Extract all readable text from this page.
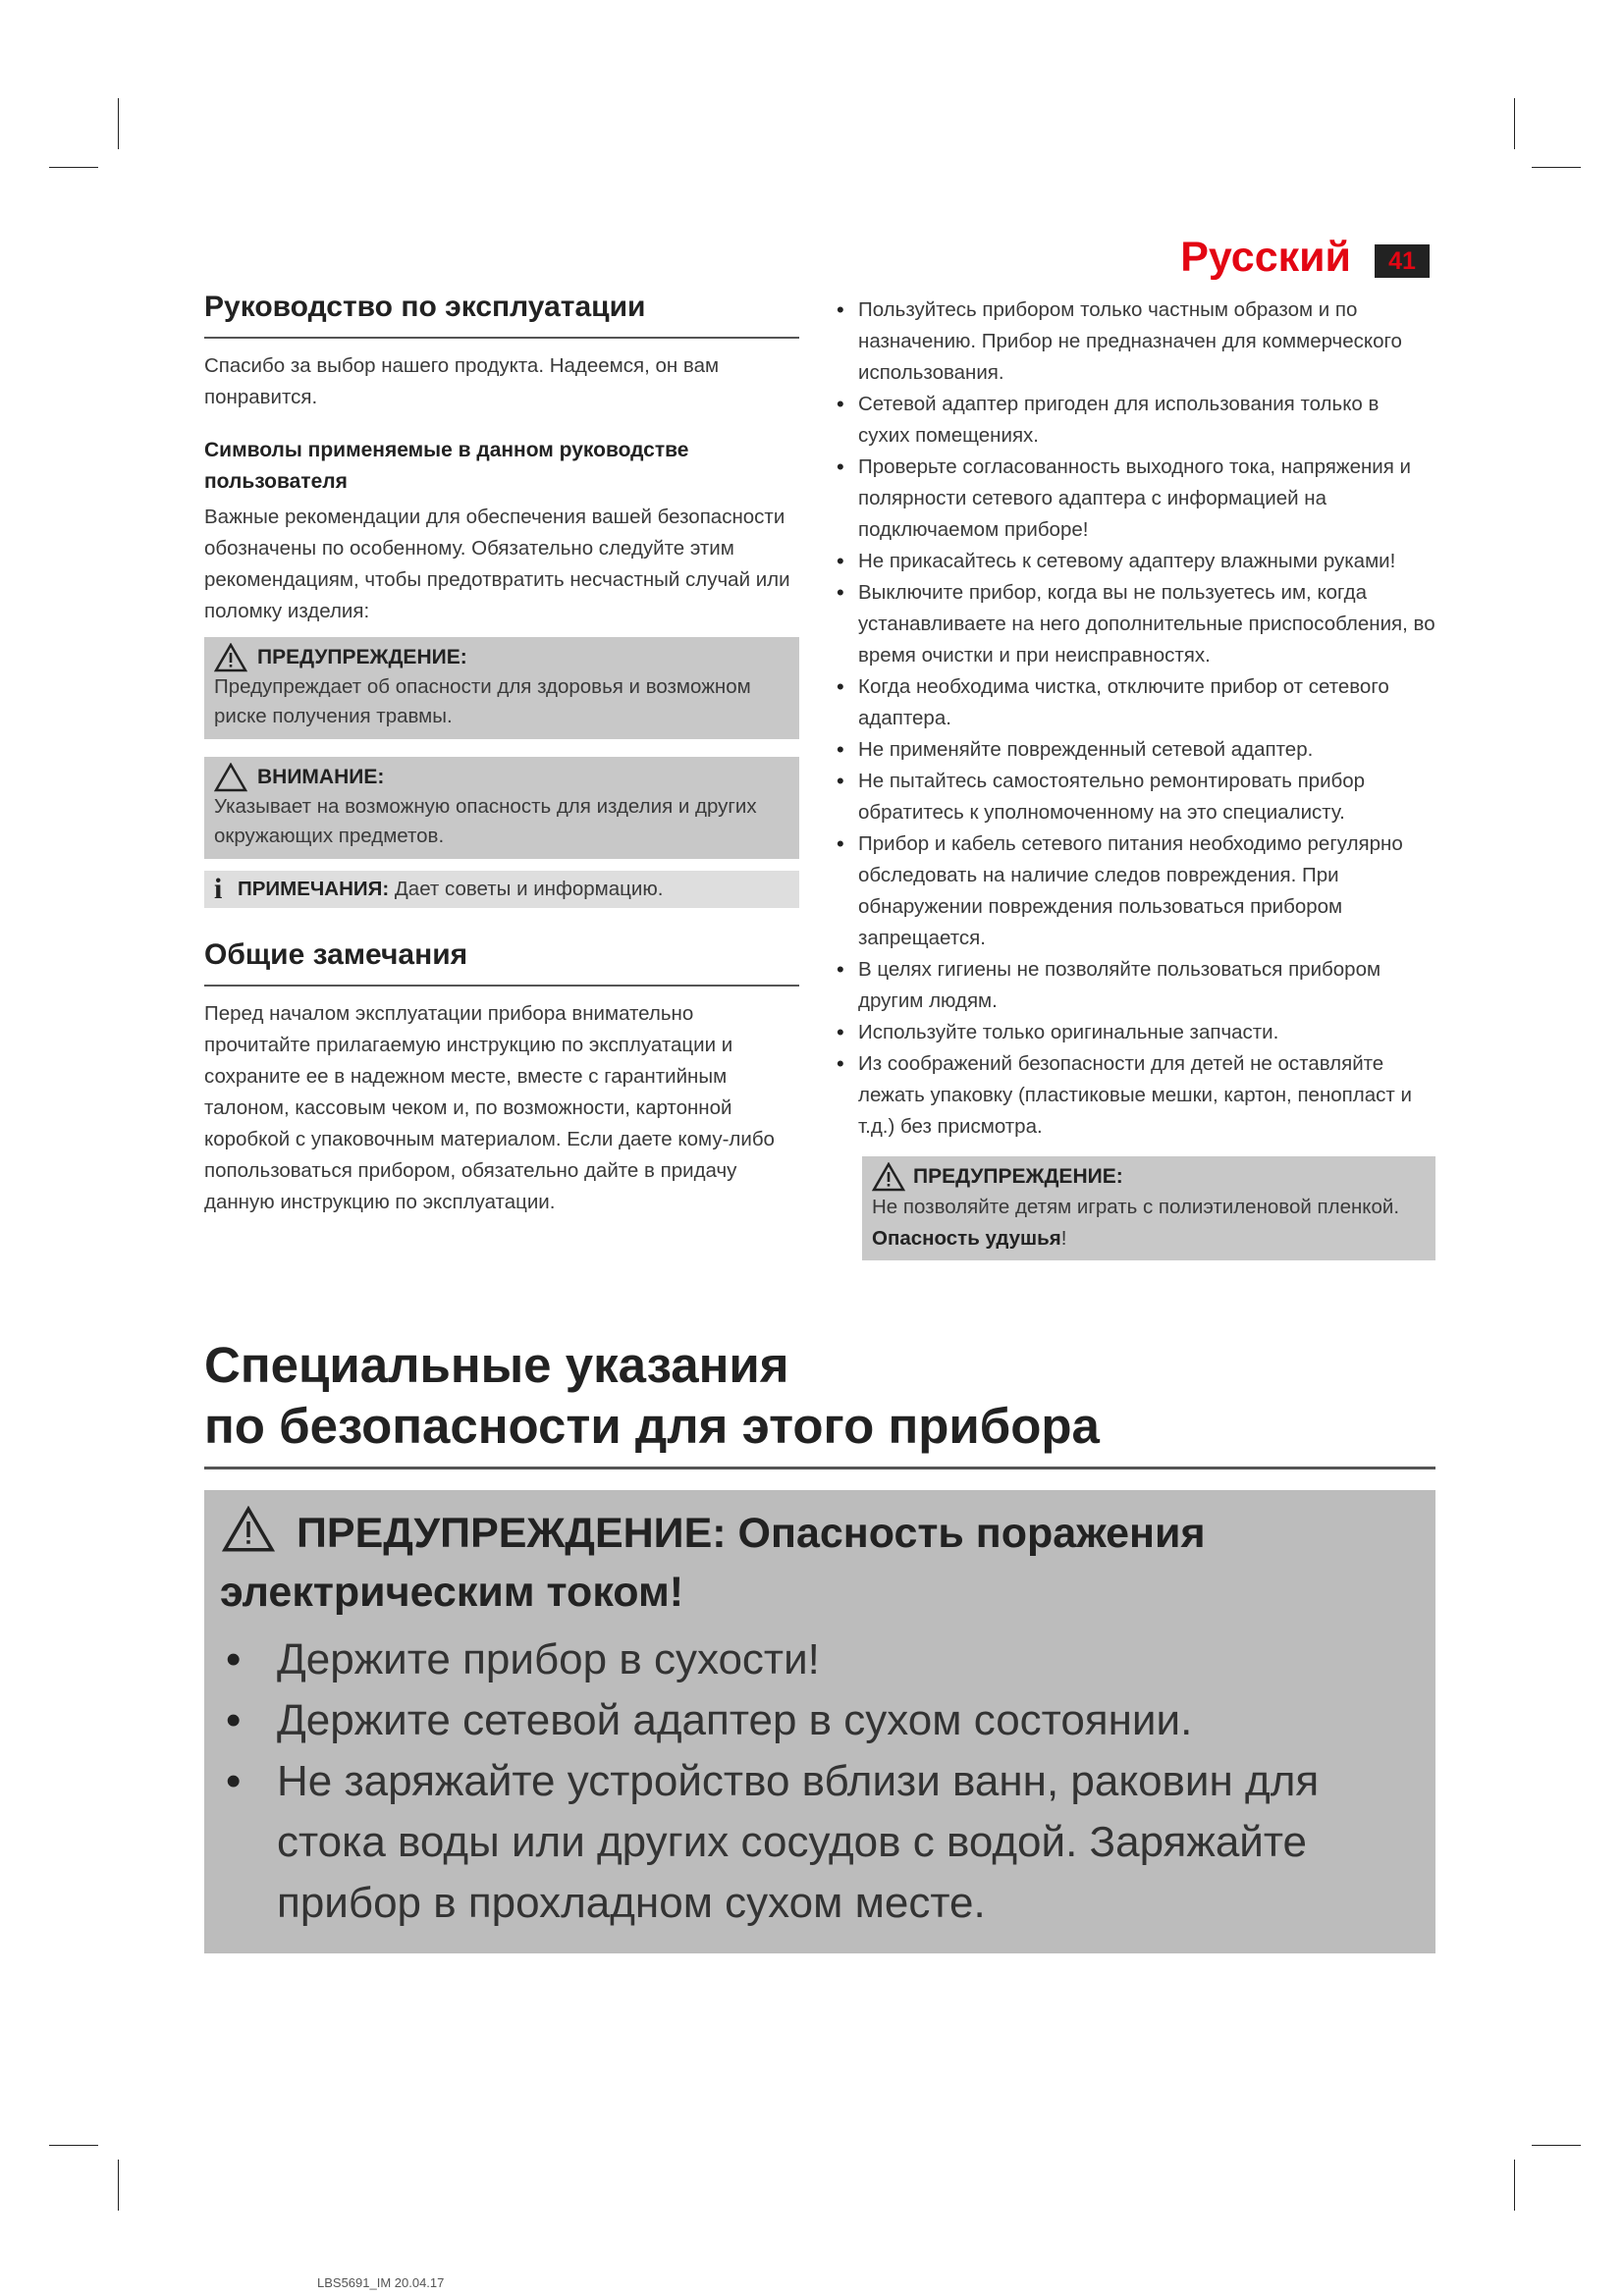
Русский	41
Руководство по эксплуатации

Спасибо за выбор нашего продукта. Надеемся, он вам понравится.

Символы применяемые в данном руководстве пользователя

Важные рекомендации для обеспечения вашей безопасности обозначены по особенному. Обязательно следуйте этим рекомендациям, чтобы предотвратить несчастный случай или поломку изделия:

ПРЕДУПРЕЖДЕНИЕ:
Предупреждает об опасности для здоровья и возможном риске получения травмы.
ВНИМАНИЕ:
Указывает на возможную опасность для изделия и других окружающих предметов.
i ПРИМЕЧАНИЯ: Дает советы и информацию.
Общие замечания

Перед началом эксплуатации прибора внимательно прочитайте прилагаемую инструкцию по эксплуатации и сохраните ее в надежном месте, вместе с гарантийным талоном, кассовым чеком и, по возможности, картонной коробкой с упаковочным материалом. Если даете кому-либо попользоваться прибором, обязательно дайте в придачу данную инструкцию по эксплуатации.

• Пользуйтесь прибором только частным образом и по назначению. Прибор не предназначен для коммерческого использования.
• Сетевой адаптер пригоден для использования только в сухих помещениях.
• Проверьте согласованность выходного тока, напряжения и полярности сетевого адаптера с информацией на подключаемом приборе!
• Не прикасайтесь к сетевому адаптеру влажными руками!
• Выключите прибор, когда вы не пользуетесь им, когда устанавливаете на него дополнительные приспособления, во время очистки и при неисправностях.
• Когда необходима чистка, отключите прибор от сетевого адаптера.
• Не применяйте поврежденный сетевой адаптер.
• Не пытайтесь самостоятельно ремонтировать прибор обратитесь к уполномоченному на это специалисту.
• Прибор и кабель сетевого питания необходимо регулярно обследовать на наличие следов повреждения. При обнаружении повреждения пользоваться прибором запрещается.
• В целях гигиены не позволяйте пользоваться прибором другим людям.
• Используйте только оригинальные запчасти.
• Из соображений безопасности для детей не оставляйте лежать упаковку (пластиковые мешки, картон, пенопласт и т.д.) без присмотра.
ПРЕДУПРЕЖДЕНИЕ:
Не позволяйте детям играть с полиэтиленовой пленкой. Опасность удушья!
Специальные указания
по безопасности для этого прибора
ПРЕДУПРЕЖДЕНИЕ: Опасность поражения электрическим током!
• Держите прибор в сухости!
• Держите сетевой адаптер в сухом состоянии.
• Не заряжайте устройство вблизи ванн, раковин для стока воды или других сосудов с водой. Заряжайте прибор в прохладном сухом месте.
LBS5691_IM 20.04.17
